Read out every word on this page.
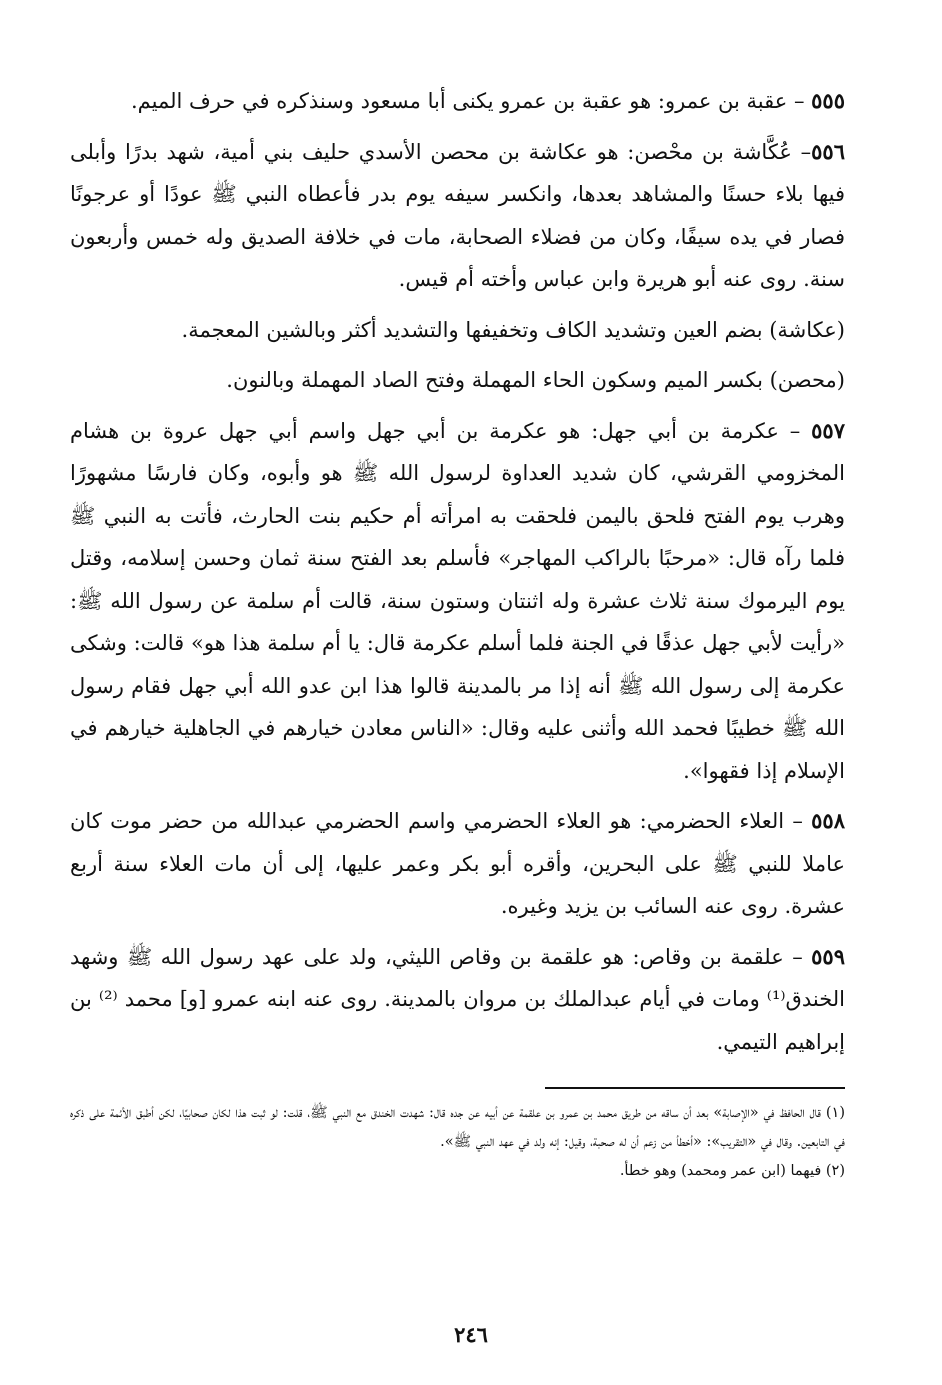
٥٥٥ – عقبة بن عمرو: هو عقبة بن عمرو يكنى أبا مسعود وسنذكره في حرف الميم.

٥٥٦– عُكَّاشة بن محْصن: هو عكاشة بن محصن الأسدي حليف بني أمية، شهد بدرًا وأبلى فيها بلاء حسنًا والمشاهد بعدها، وانكسر سيفه يوم بدر فأعطاه النبي ﷺ عودًا أو عرجونًا فصار في يده سيفًا، وكان من فضلاء الصحابة، مات في خلافة الصديق وله خمس وأربعون سنة. روى عنه أبو هريرة وابن عباس وأخته أم قيس.

(عكاشة) بضم العين وتشديد الكاف وتخفيفها والتشديد أكثر وبالشين المعجمة.

(محصن) بكسر الميم وسكون الحاء المهملة وفتح الصاد المهملة وبالنون.

٥٥٧ – عكرمة بن أبي جهل: هو عكرمة بن أبي جهل واسم أبي جهل عروة بن هشام المخزومي القرشي، كان شديد العداوة لرسول الله ﷺ هو وأبوه، وكان فارسًا مشهورًا وهرب يوم الفتح فلحق باليمن فلحقت به امرأته أم حكيم بنت الحارث، فأتت به النبي ﷺ فلما رآه قال: «مرحبًا بالراكب المهاجر» فأسلم بعد الفتح سنة ثمان وحسن إسلامه، وقتل يوم اليرموك سنة ثلاث عشرة وله اثنتان وستون سنة، قالت أم سلمة عن رسول الله ﷺ: «رأيت لأبي جهل عذقًا في الجنة فلما أسلم عكرمة قال: يا أم سلمة هذا هو» قالت: وشكى عكرمة إلى رسول الله ﷺ أنه إذا مر بالمدينة قالوا هذا ابن عدو الله أبي جهل فقام رسول الله ﷺ خطيبًا فحمد الله وأثنى عليه وقال: «الناس معادن خيارهم في الجاهلية خيارهم في الإسلام إذا فقهوا».

٥٥٨ – العلاء الحضرمي: هو العلاء الحضرمي واسم الحضرمي عبدالله من حضر موت كان عاملا للنبي ﷺ على البحرين، وأقره أبو بكر وعمر عليها، إلى أن مات العلاء سنة أربع عشرة. روى عنه السائب بن يزيد وغيره.

٥٥٩ – علقمة بن وقاص: هو علقمة بن وقاص الليثي، ولد على عهد رسول الله ﷺ وشهد الخندق⁽¹⁾ ومات في أيام عبدالملك بن مروان بالمدينة. روى عنه ابنه عمرو [و] محمد ⁽²⁾ بن إبراهيم التيمي.

(١) قال الحافظ في «الإصابة» بعد أن ساقه من طريق محمد بن عمرو بن علقمة عن أبيه عن جده قال: شهدت الخندق مع النبي ﷺ، قلت: لو ثبت هذا لكان صحابيًا، لكن أطبق الأئمة على ذكره في التابعين. وقال في «التقريب»: «أخطأ من زعم أن له صحبة، وقيل: إنه ولد في عهد النبي ﷺ».

(٢) فيهما (ابن عمر ومحمد) وهو خطأ.

٢٤٦
